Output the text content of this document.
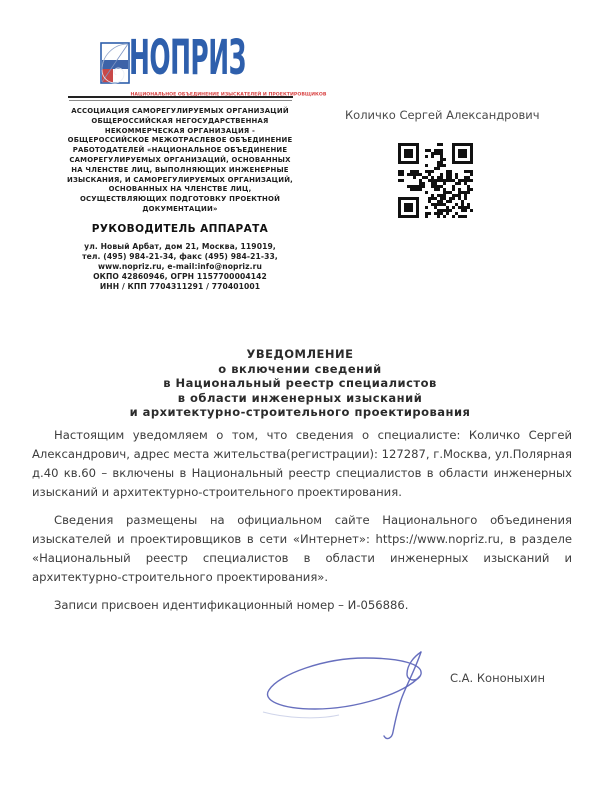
НОПРИЗ
НАЦИОНАЛЬНОЕ ОБЪЕДИНЕНИЕ ИЗЫСКАТЕЛЕЙ И ПРОЕКТИРОВЩИКОВ
АССОЦИАЦИЯ САМОРЕГУЛИРУЕМЫХ ОРГАНИЗАЦИЙ
ОБЩЕРОССИЙСКАЯ НЕГОСУДАРСТВЕННАЯ
НЕКОММЕРЧЕСКАЯ ОРГАНИЗАЦИЯ -
ОБЩЕРОССИЙСКОЕ МЕЖОТРАСЛЕВОЕ ОБЪЕДИНЕНИЕ
РАБОТОДАТЕЛЕЙ «НАЦИОНАЛЬНОЕ ОБЪЕДИНЕНИЕ
САМОРЕГУЛИРУЕМЫХ ОРГАНИЗАЦИЙ, ОСНОВАННЫХ
НА ЧЛЕНСТВЕ ЛИЦ, ВЫПОЛНЯЮЩИХ ИНЖЕНЕРНЫЕ
ИЗЫСКАНИЯ, И САМОРЕГУЛИРУЕМЫХ ОРГАНИЗАЦИЙ,
ОСНОВАННЫХ НА ЧЛЕНСТВЕ ЛИЦ,
ОСУЩЕСТВЛЯЮЩИХ ПОДГОТОВКУ ПРОЕКТНОЙ
ДОКУМЕНТАЦИИ»
РУКОВОДИТЕЛЬ АППАРАТА
ул. Новый Арбат, дом 21, Москва, 119019,
тел. (495) 984-21-34, факс (495) 984-21-33,
www.nopriz.ru, e-mail:info@nopriz.ru
ОКПО 42860946, ОГРН 1157700004142
ИНН / КПП 7704311291 / 770401001
Количко Сергей Александрович
УВЕДОМЛЕНИЕ
о включении сведений
в Национальный реестр специалистов
в области инженерных изысканий
и архитектурно-строительного проектирования

Настоящим уведомляем о том, что сведения о специалисте: Количко Сергей Александрович, адрес места жительства(регистрации): 127287, г.Москва, ул.Полярная д.40 кв.60 – включены в Национальный реестр специалистов в области инженерных изысканий и архитектурно-строительного проектирования.

Сведения размещены на официальном сайте Национального объединения изыскателей и проектировщиков в сети «Интернет»: https://www.nopriz.ru, в разделе «Национальный реестр специалистов в области инженерных изысканий и архитектурно-строительного проектирования».

Записи присвоен идентификационный номер – И-056886.

С.А. Кононыхин
